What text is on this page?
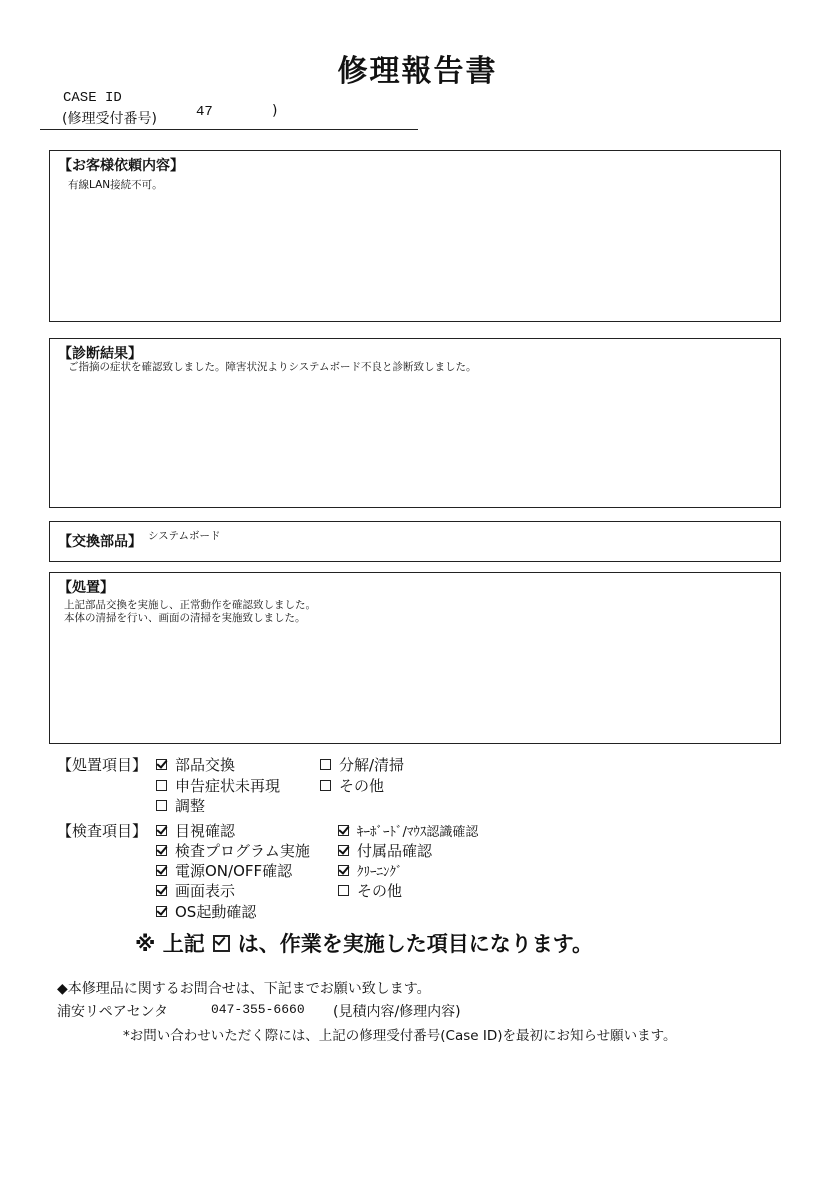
修理報告書
CASE ID
(修理受付番号)	47	)
【お客様依頼内容】
有線LAN接続不可。
【診断結果】
ご指摘の症状を確認致しました。障害状況よりシステムボード不良と診断致しました。
【交換部品】 システムボード
【処置】
上記部品交換を実施し、正常動作を確認致しました。
本体の清掃を行い、画面の清掃を実施致しました。
【処置項目】 部品交換	分解/清掃
申告症状未再現	その他
調整
【検査項目】 目視確認	ｷｰﾎﾞｰﾄﾞ/ﾏｳｽ認識確認
検査プログラム実施	付属品確認
電源ON/OFF確認	ｸﾘｰﾆﾝｸﾞ
画面表示	その他
OS起動確認
※ 上記 は、作業を実施した項目になります。
◆本修理品に関するお問合せは、下記までお願い致します。
浦安リペアセンタ	047-355-6660 (見積内容/修理内容)
*お問い合わせいただく際には、上記の修理受付番号(Case ID)を最初にお知らせ願います。
